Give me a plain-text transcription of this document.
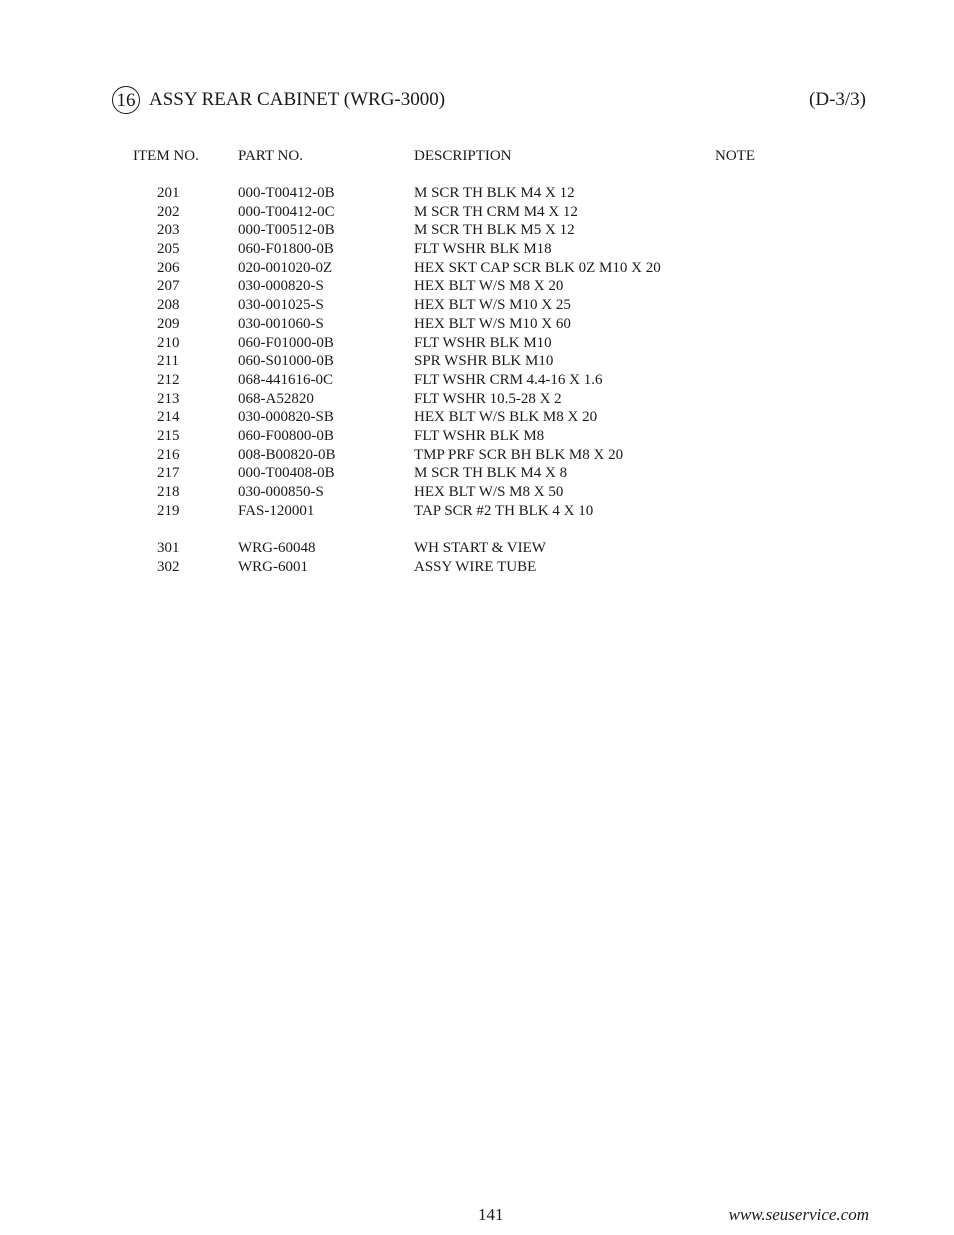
16 ASSY REAR CABINET (WRG-3000)	(D-3/3)
ITEM NO.	PART NO.	DESCRIPTION	NOTE
201	000-T00412-0B	M SCR TH BLK M4 X 12
202	000-T00412-0C	M SCR TH CRM M4 X 12
203	000-T00512-0B	M SCR TH BLK M5 X 12
205	060-F01800-0B	FLT WSHR BLK M18
206	020-001020-0Z	HEX SKT CAP SCR BLK 0Z M10 X 20
207	030-000820-S	HEX BLT W/S M8 X 20
208	030-001025-S	HEX BLT W/S M10 X 25
209	030-001060-S	HEX BLT W/S M10 X 60
210	060-F01000-0B	FLT WSHR BLK M10
211	060-S01000-0B	SPR WSHR BLK M10
212	068-441616-0C	FLT WSHR CRM 4.4-16 X 1.6
213	068-A52820	FLT WSHR 10.5-28 X 2
214	030-000820-SB	HEX BLT W/S BLK M8 X 20
215	060-F00800-0B	FLT WSHR BLK M8
216	008-B00820-0B	TMP PRF SCR BH BLK M8 X 20
217	000-T00408-0B	M SCR TH BLK M4 X 8
218	030-000850-S	HEX BLT W/S M8 X 50
219	FAS-120001	TAP SCR #2 TH BLK 4 X 10
301	WRG-60048	WH START & VIEW
302	WRG-6001	ASSY WIRE TUBE
141	www.seuservice.com
